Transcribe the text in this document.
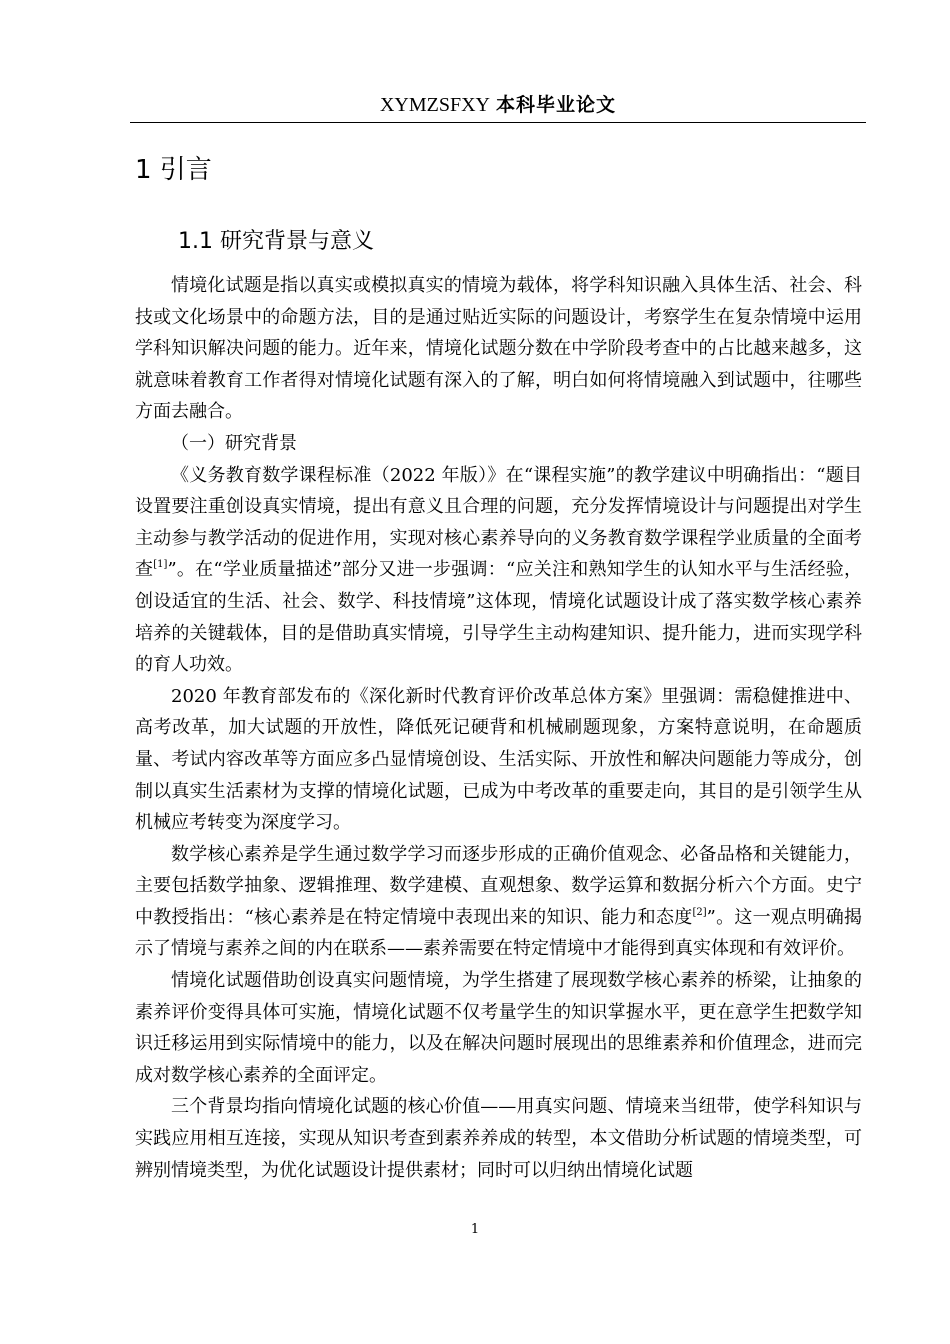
XYMZSFXY 本科毕业论文
1 引言
1.1 研究背景与意义

情境化试题是指以真实或模拟真实的情境为载体，将学科知识融入具体生活、社会、科技或文化场景中的命题方法，目的是通过贴近实际的问题设计，考察学生在复杂情境中运用学科知识解决问题的能力。近年来，情境化试题分数在中学阶段考查中的占比越来越多，这就意味着教育工作者得对情境化试题有深入的了解，明白如何将情境融入到试题中，往哪些方面去融合。

（一）研究背景

《义务教育数学课程标准（2022 年版）》在“课程实施”的教学建议中明确指出：“题目设置要注重创设真实情境，提出有意义且合理的问题，充分发挥情境设计与问题提出对学生主动参与教学活动的促进作用，实现对核心素养导向的义务教育数学课程学业质量的全面考查[1]”。在“学业质量描述”部分又进一步强调：“应关注和熟知学生的认知水平与生活经验，创设适宜的生活、社会、数学、科技情境”这体现，情境化试题设计成了落实数学核心素养培养的关键载体，目的是借助真实情境，引导学生主动构建知识、提升能力，进而实现学科的育人功效。

2020 年教育部发布的《深化新时代教育评价改革总体方案》里强调：需稳健推进中、高考改革，加大试题的开放性，降低死记硬背和机械刷题现象，方案特意说明，在命题质量、考试内容改革等方面应多凸显情境创设、生活实际、开放性和解决问题能力等成分，创制以真实生活素材为支撑的情境化试题，已成为中考改革的重要走向，其目的是引领学生从机械应考转变为深度学习。

数学核心素养是学生通过数学学习而逐步形成的正确价值观念、必备品格和关键能力，主要包括数学抽象、逻辑推理、数学建模、直观想象、数学运算和数据分析六个方面。史宁中教授指出：“核心素养是在特定情境中表现出来的知识、能力和态度[2]”。这一观点明确揭示了情境与素养之间的内在联系——素养需要在特定情境中才能得到真实体现和有效评价。

情境化试题借助创设真实问题情境，为学生搭建了展现数学核心素养的桥梁，让抽象的素养评价变得具体可实施，情境化试题不仅考量学生的知识掌握水平，更在意学生把数学知识迁移运用到实际情境中的能力，以及在解决问题时展现出的思维素养和价值理念，进而完成对数学核心素养的全面评定。

三个背景均指向情境化试题的核心价值——用真实问题、情境来当纽带，使学科知识与实践应用相互连接，实现从知识考查到素养养成的转型，本文借助分析试题的情境类型，可辨别情境类型，为优化试题设计提供素材；同时可以归纳出情境化试题

1
